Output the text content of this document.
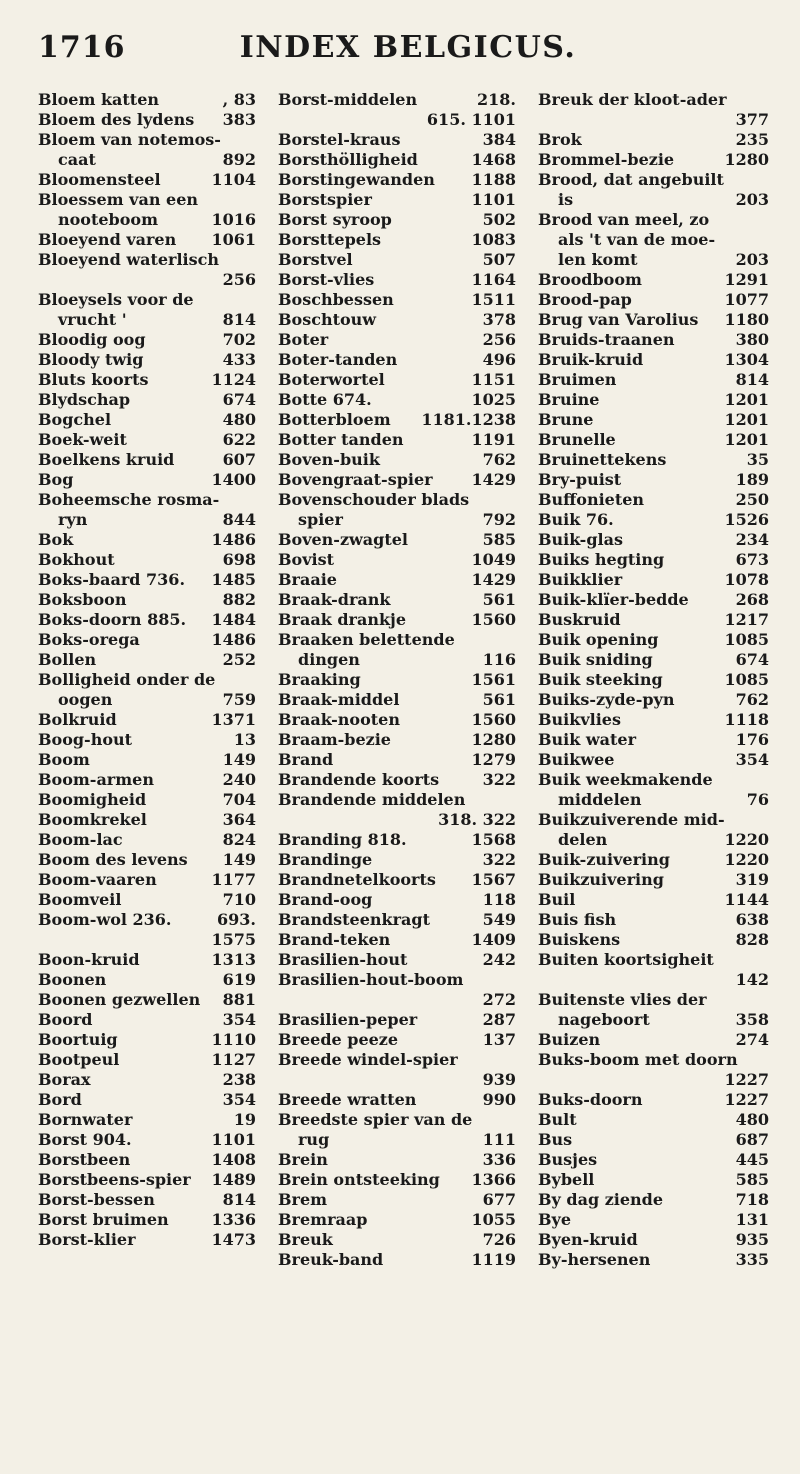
1716	INDEX BELGICUS.
Bloem katten	, 83
Bloem des lydens 383
Bloem van notemos-
caat	892
Bloomensteel	1104
Bloessem van een
nooteboom	1016
Bloeyend varen 1061
Bloeyend waterlisch
256
Bloeysels voor de
vrucht '	814
Bloodig oog	702
Bloody twig	433
Bluts koorts	1124
Blydschap	674
Bogchel	480
Boek-weit	622
Boelkens kruid	607
Bog	1400
Boheemsche rosma-
ryn	844
Bok	1486
Bokhout	698
Boks-baard 736. 1485
Boksboon	882
Boks-doorn 885. 1484
Boks-orega	1486
Bollen	252
Bolligheid onder de
oogen	759
Bolkruid	1371
Boog-hout	13
Boom	149
Boom-armen	240
Boomigheid	704
Boomkrekel	364
Boom-lac	824
Boom des levens 149
Boom-vaaren	1177
Boomveil	710
Boom-wol 236.	693.
1575
Boon-kruid	1313
Boonen	619
Boonen gezwellen 881
Boord	354
Boortuig	1110
Bootpeul	1127
Borax	238
Bord	354
Bornwater	19
Borst 904.	1101
Borstbeen	1408
Borstbeens-spier 1489
Borst-bessen	814
Borst bruimen	1336
Borst-klier	1473
Borst-middelen	218.
615. 1101
Borstel-kraus	384
Borsthölligheid	1468
Borstingewanden 1188
Borstspier	1101
Borst syroop	502
Borsttepels	1083
Borstvel	507
Borst-vlies	1164
Boschbessen	1511
Boschtouw	378
Boter	256
Boter-tanden	496
Boterwortel	1151
Botte 674.	1025
Botterbloem 1181.1238
Botter tanden	1191
Boven-buik	762
Bovengraat-spier 1429
Bovenschouder blads
spier	792
Boven-zwagtel	585
Bovist	1049
Braaie	1429
Braak-drank	561
Braak drankje	1560
Braaken belettende
dingen	116
Braaking	1561
Braak-middel	561
Braak-nooten	1560
Braam-bezie	1280
Brand	1279
Brandende koorts	322
Brandende middelen
318. 322
Branding 818.	1568
Brandinge	322
Brandnetelkoorts 1567
Brand-oog	118
Brandsteenkragt	549
Brand-teken	1409
Brasilien-hout	242
Brasilien-hout-boom
272
Brasilien-peper	287
Breede peeze	137
Breede windel-spier
939
Breede wratten	990
Breedste spier van de
rug	111
Brein	336
Brein ontsteeking 1366
Brem	677
Bremraap	1055
Breuk	726
Breuk-band	1119
Breuk der kloot-ader
377
Brok	235
Brommel-bezie	1280
Brood, dat angebuilt
is	203
Brood van meel, zo
als 't van de moe-
len komt	203
Broodboom	1291
Brood-pap	1077
Brug van Varolius 1180
Bruids-traanen	380
Bruik-kruid	1304
Bruimen	814
Bruine	1201
Brune	1201
Brunelle	1201
Bruinettekens	35
Bry-puist	189
Buffonieten	250
Buik 76.	1526
Buik-glas	234
Buiks hegting	673
Buikklier	1078
Buik-klïer-bedde	268
Buskruid	1217
Buik opening	1085
Buik sniding	674
Buik steeking	1085
Buiks-zyde-pyn	762
Buikvlies	1118
Buik water	176
Buikwee	354
Buik weekmakende
middelen	76
Buikzuiverende mid-
delen	1220
Buik-zuivering	1220
Buikzuivering	319
Buil	1144
Buis fish	638
Buiskens	828
Buiten koortsigheit
142
Buitenste vlies der
nageboort	358
Buizen	274
Buks-boom met doorn
1227
Buks-doorn	1227
Bult	480
Bus	687
Busjes	445
Bybell	585
By dag ziende	718
Bye	131
Byen-kruid	935
By-hersenen	335
